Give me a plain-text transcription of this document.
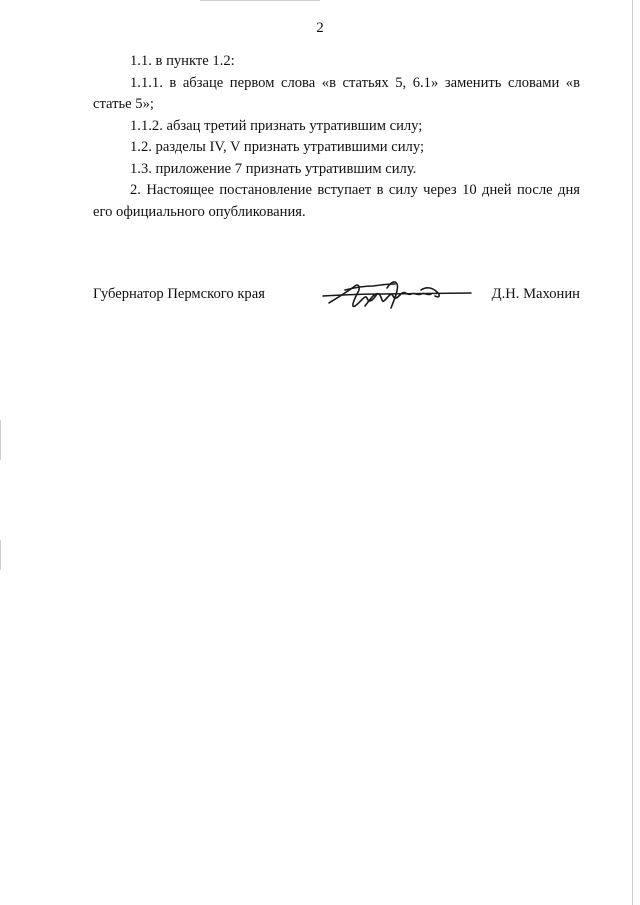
2

1.1. в пункте 1.2:

1.1.1. в абзаце первом слова «в статьях 5, 6.1» заменить словами «в статье 5»;

1.1.2. абзац третий признать утратившим силу;

1.2. разделы IV, V признать утратившими силу;

1.3. приложение 7 признать утратившим силу.

2. Настоящее постановление вступает в силу через 10 дней после дня его официального опубликования.

Губернатор Пермского края	Д.Н. Махонин
